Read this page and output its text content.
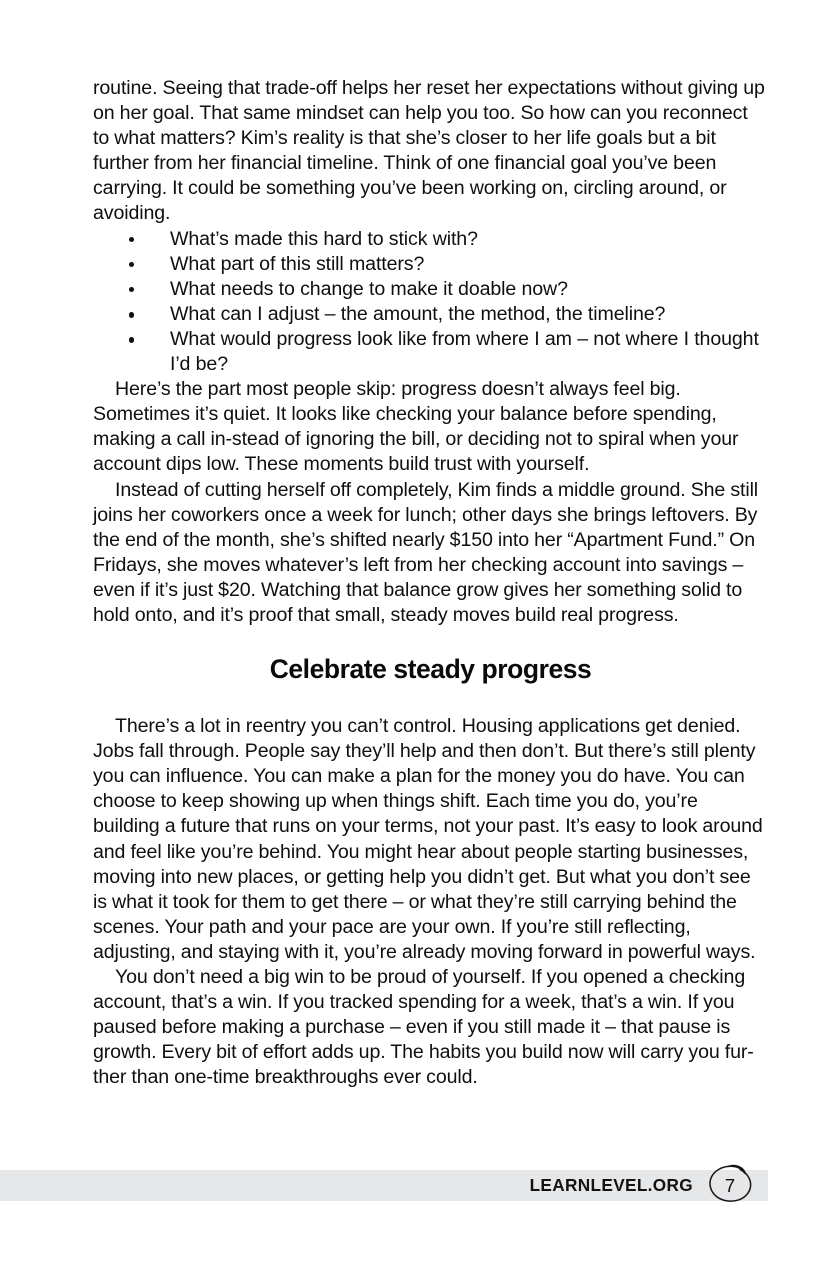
routine. Seeing that trade-off helps her reset her expectations without giving up on her goal. That same mindset can help you too. So how can you reconnect to what matters? Kim’s reality is that she’s closer to her life goals but a bit further from her financial timeline. Think of one financial goal you’ve been carrying. It could be something you’ve been working on, circling around, or avoiding.

What’s made this hard to stick with?
What part of this still matters?
What needs to change to make it doable now?
What can I adjust – the amount, the method, the timeline?
What would progress look like from where I am – not where I thought I’d be?

Here’s the part most people skip: progress doesn’t always feel big. Sometimes it’s quiet. It looks like checking your balance before spending, making a call in-stead of ignoring the bill, or deciding not to spiral when your account dips low. These moments build trust with yourself.

Instead of cutting herself off completely, Kim finds a middle ground. She still joins her coworkers once a week for lunch; other days she brings leftovers. By the end of the month, she’s shifted nearly $150 into her “Apartment Fund.” On Fridays, she moves whatever’s left from her checking account into savings – even if it’s just $20. Watching that balance grow gives her something solid to hold onto, and it’s proof that small, steady moves build real progress.

Celebrate steady progress

There’s a lot in reentry you can’t control. Housing applications get denied. Jobs fall through. People say they’ll help and then don’t. But there’s still plenty you can influence. You can make a plan for the money you do have. You can choose to keep showing up when things shift. Each time you do, you’re building a future that runs on your terms, not your past. It’s easy to look around and feel like you’re behind. You might hear about people starting businesses, moving into new places, or getting help you didn’t get. But what you don’t see is what it took for them to get there – or what they’re still carrying behind the scenes. Your path and your pace are your own. If you’re still reflecting, adjusting, and staying with it, you’re already moving forward in powerful ways.

You don’t need a big win to be proud of yourself. If you opened a checking account, that’s a win. If you tracked spending for a week, that’s a win. If you paused before making a purchase – even if you still made it – that pause is growth. Every bit of effort adds up. The habits you build now will carry you fur-ther than one-time breakthroughs ever could.

LEARNLEVEL.ORG	7
